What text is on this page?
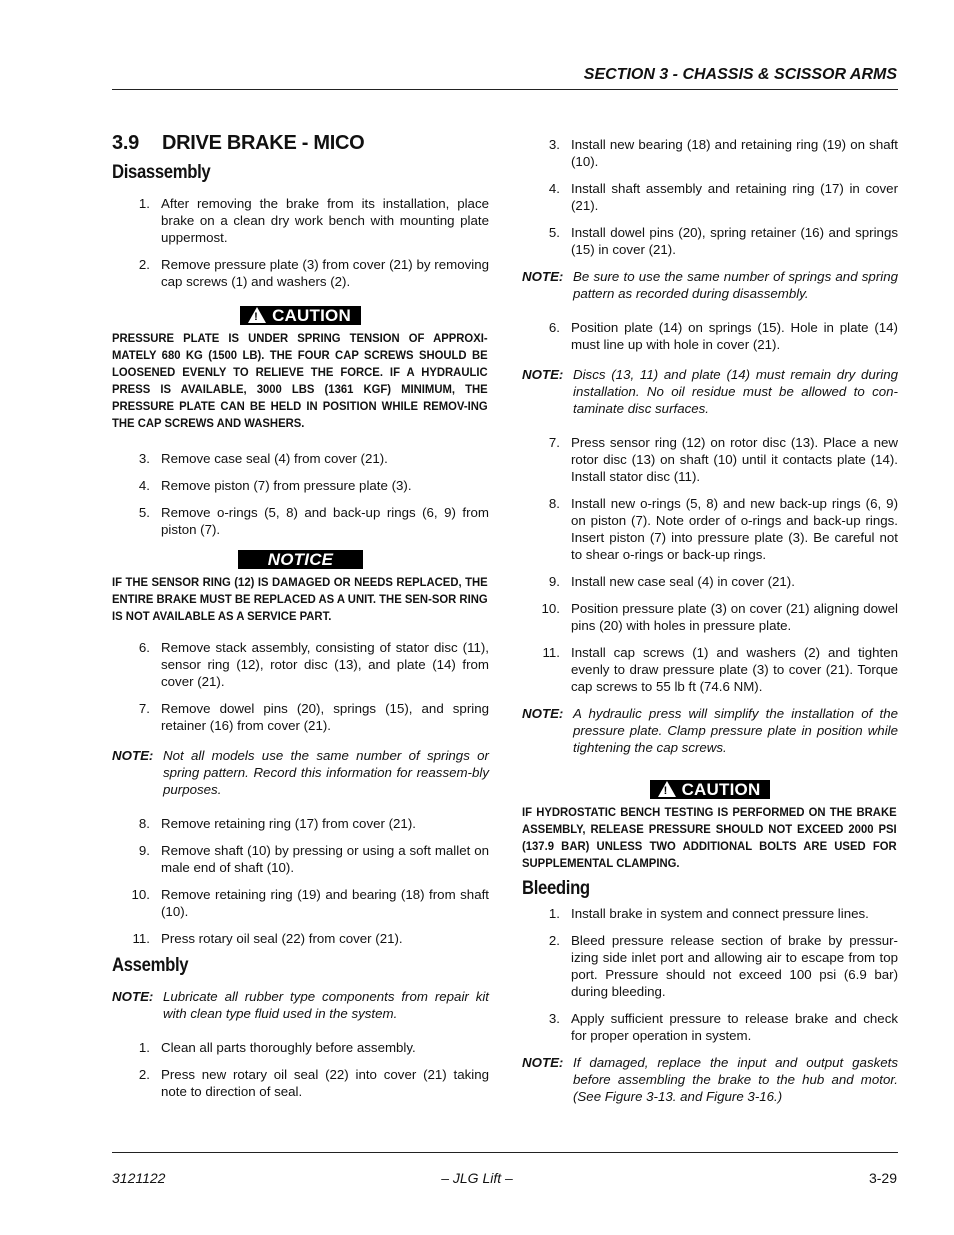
SECTION 3 - CHASSIS & SCISSOR ARMS
3.9	DRIVE BRAKE - MICO
Disassembly
1. After removing the brake from its installation, place brake on a clean dry work bench with mounting plate uppermost.
2. Remove pressure plate (3) from cover (21) by removing cap screws (1) and washers (2).
!CAUTION
PRESSURE PLATE IS UNDER SPRING TENSION OF APPROXI-MATELY 680 KG (1500 LB). THE FOUR CAP SCREWS SHOULD BE LOOSENED EVENLY TO RELIEVE THE FORCE. IF A HYDRAULIC PRESS IS AVAILABLE, 3000 LBS (1361 KGF) MINIMUM, THE PRESSURE PLATE CAN BE HELD IN POSITION WHILE REMOV-ING THE CAP SCREWS AND WASHERS.
3. Remove case seal (4) from cover (21).
4. Remove piston (7) from pressure plate (3).
5. Remove o-rings (5, 8) and back-up rings (6, 9) from piston (7).
NOTICE
IF THE SENSOR RING (12) IS DAMAGED OR NEEDS REPLACED, THE ENTIRE BRAKE MUST BE REPLACED AS A UNIT. THE SEN-SOR RING IS NOT AVAILABLE AS A SERVICE PART.
6. Remove stack assembly, consisting of stator disc (11), sensor ring (12), rotor disc (13), and plate (14) from cover (21).
7. Remove dowel pins (20), springs (15), and spring retainer (16) from cover (21).
NOTE: Not all models use the same number of springs or spring pattern. Record this information for reassem-bly purposes.
8. Remove retaining ring (17) from cover (21).
9. Remove shaft (10) by pressing or using a soft mallet on male end of shaft (10).
10. Remove retaining ring (19) and bearing (18) from shaft (10).
11. Press rotary oil seal (22) from cover (21).
Assembly
NOTE: Lubricate all rubber type components from repair kit with clean type fluid used in the system.
1. Clean all parts thoroughly before assembly.
2. Press new rotary oil seal (22) into cover (21) taking note to direction of seal.
3. Install new bearing (18) and retaining ring (19) on shaft (10).
4. Install shaft assembly and retaining ring (17) in cover (21).
5. Install dowel pins (20), spring retainer (16) and springs (15) in cover (21).
NOTE: Be sure to use the same number of springs and spring pattern as recorded during disassembly.
6. Position plate (14) on springs (15). Hole in plate (14) must line up with hole in cover (21).
NOTE: Discs (13, 11) and plate (14) must remain dry during installation. No oil residue must be allowed to con-taminate disc surfaces.
7. Press sensor ring (12) on rotor disc (13). Place a new rotor disc (13) on shaft (10) until it contacts plate (14). Install stator disc (11).
8. Install new o-rings (5, 8) and new back-up rings (6, 9) on piston (7). Note order of o-rings and back-up rings. Insert piston (7) into pressure plate (3). Be careful not to shear o-rings or back-up rings.
9. Install new case seal (4) in cover (21).
10. Position pressure plate (3) on cover (21) aligning dowel pins (20) with holes in pressure plate.
11. Install cap screws (1) and washers (2) and tighten evenly to draw pressure plate (3) to cover (21). Torque cap screws to 55 lb ft (74.6 NM).
NOTE: A hydraulic press will simplify the installation of the pressure plate. Clamp pressure plate in position while tightening the cap screws.
!CAUTION
IF HYDROSTATIC BENCH TESTING IS PERFORMED ON THE BRAKE ASSEMBLY, RELEASE PRESSURE SHOULD NOT EXCEED 2000 PSI (137.9 BAR) UNLESS TWO ADDITIONAL BOLTS ARE USED FOR SUPPLEMENTAL CLAMPING.
Bleeding
1. Install brake in system and connect pressure lines.
2. Bleed pressure release section of brake by pressur-izing side inlet port and allowing air to escape from top port. Pressure should not exceed 100 psi (6.9 bar) during bleeding.
3. Apply sufficient pressure to release brake and check for proper operation in system.
NOTE: If damaged, replace the input and output gaskets before assembling the brake to the hub and motor. (See Figure 3-13. and Figure 3-16.)
3121122	– JLG Lift –	3-29
